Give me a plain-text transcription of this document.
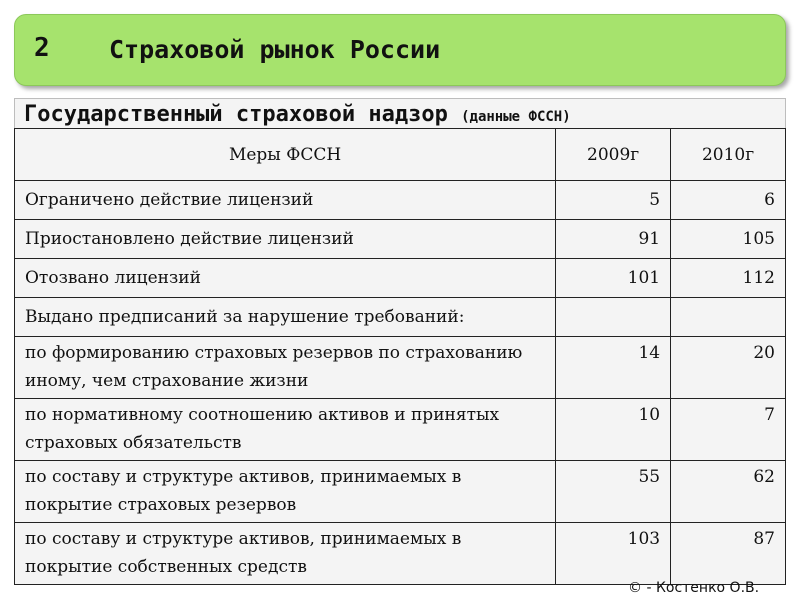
2 Страховой рынок России
Государственный страховой надзор (данные ФССН)
Меры ФССН	2009г	2010г
Ограничено действие лицензий	5	6
Приостановлено действие лицензий	91	105
Отозвано лицензий	101	112
Выдано предписаний за нарушение требований:		
по формированию страховых резервов по страхованию иному, чем страхование жизни	14	20
по нормативному соотношению активов и принятых страховых обязательств	10	7
по составу и структуре активов, принимаемых в покрытие страховых резервов	55	62
по составу и структуре активов, принимаемых в покрытие собственных средств	103	87
© - Костенко О.В.
